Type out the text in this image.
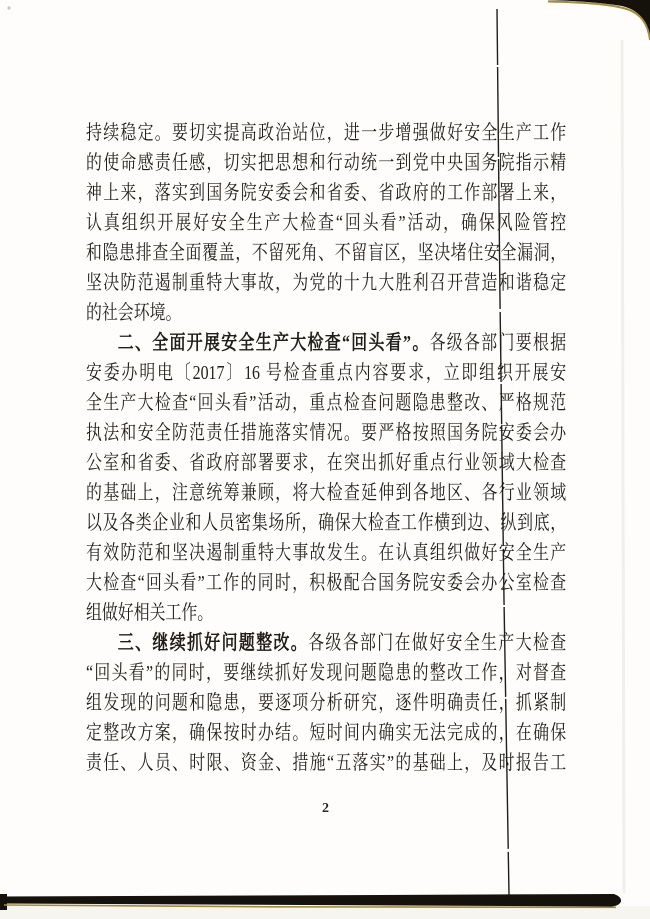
持续稳定。要切实提高政治站位，进一步增强做好安全生产工作
的使命感责任感，切实把思想和行动统一到党中央国务院指示精
神上来，落实到国务院安委会和省委、省政府的工作部署上来，
认真组织开展好安全生产大检查“回头看”活动，确保风险管控
和隐患排查全面覆盖，不留死角、不留盲区，坚决堵住安全漏洞，
坚决防范遏制重特大事故，为党的十九大胜利召开营造和谐稳定
的社会环境。
二、全面开展安全生产大检查“回头看”。各级各部门要根据
安委办明电〔2017〕16 号检查重点内容要求，立即组织开展安
全生产大检查“回头看”活动，重点检查问题隐患整改、严格规范
执法和安全防范责任措施落实情况。要严格按照国务院安委会办
公室和省委、省政府部署要求，在突出抓好重点行业领域大检查
的基础上，注意统筹兼顾，将大检查延伸到各地区、各行业领域
以及各类企业和人员密集场所，确保大检查工作横到边、纵到底，
有效防范和坚决遏制重特大事故发生。在认真组织做好安全生产
大检查“回头看”工作的同时，积极配合国务院安委会办公室检查
组做好相关工作。
三、继续抓好问题整改。各级各部门在做好安全生产大检查
“回头看”的同时，要继续抓好发现问题隐患的整改工作，对督查
组发现的问题和隐患，要逐项分析研究，逐件明确责任，抓紧制
定整改方案，确保按时办结。短时间内确实无法完成的，在确保
责任、人员、时限、资金、措施“五落实”的基础上，及时报告工
2
